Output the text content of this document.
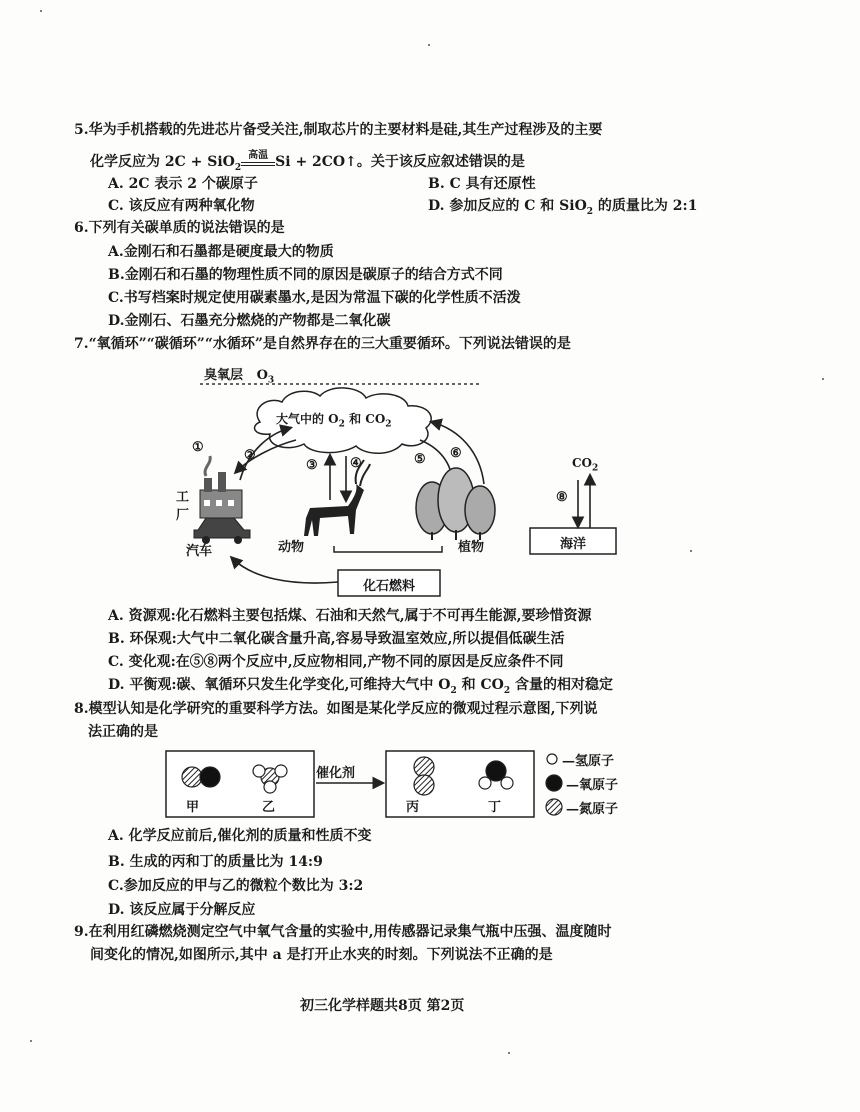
5.华为手机搭载的先进芯片备受关注,制取芯片的主要材料是硅,其生产过程涉及的主要
化学反应为 2C + SiO$_2$
高温 Si + 2CO↑。关于该反应叙述错误的是
A. 2C 表示 2 个碳原子	B. C 具有还原性
C. 该反应有两种氧化物	D. 参加反应的 C 和 SiO$_2$ 的质量比为 2:1
6.下列有关碳单质的说法错误的是
A.金刚石和石墨都是硬度最大的物质
B.金刚石和石墨的物理性质不同的原因是碳原子的结合方式不同
C.书写档案时规定使用碳素墨水,是因为常温下碳的化学性质不活泼
D.金刚石、石墨充分燃烧的产物都是二氧化碳
7.“氧循环”“碳循环”“水循环”是自然界存在的三大重要循环。下列说法错误的是
臭氧层 $O_3$
大气中的 $O_2$ 和 $CO_2$
①
②
③ ④	⑤ ⑥
工
厂
汽车	动物	植物
$CO_2$
⑧
海洋
化石燃料
A. 资源观:化石燃料主要包括煤、石油和天然气,属于不可再生能源,要珍惜资源
B. 环保观:大气中二氧化碳含量升高,容易导致温室效应,所以提倡低碳生活
C. 变化观:在⑤⑧两个反应中,反应物相同,产物不同的原因是反应条件不同
D. 平衡观:碳、氧循环只发生化学变化,可维持大气中 $O_2$ 和 $CO_2$ 含量的相对稳定
8.模型认知是化学研究的重要科学方法。如图是某化学反应的微观过程示意图,下列说
法正确的是
催化剂
甲	乙	丙	丁
—氢原子
—氧原子
—氮原子
A. 化学反应前后,催化剂的质量和性质不变
B. 生成的丙和丁的质量比为 14:9
C.参加反应的甲与乙的微粒个数比为 3:2
D. 该反应属于分解反应
9.在利用红磷燃烧测定空气中氧气含量的实验中,用传感器记录集气瓶中压强、温度随时
间变化的情况,如图所示,其中 a 是打开止水夹的时刻。下列说法不正确的是
初三化学样题共8页 第2页
